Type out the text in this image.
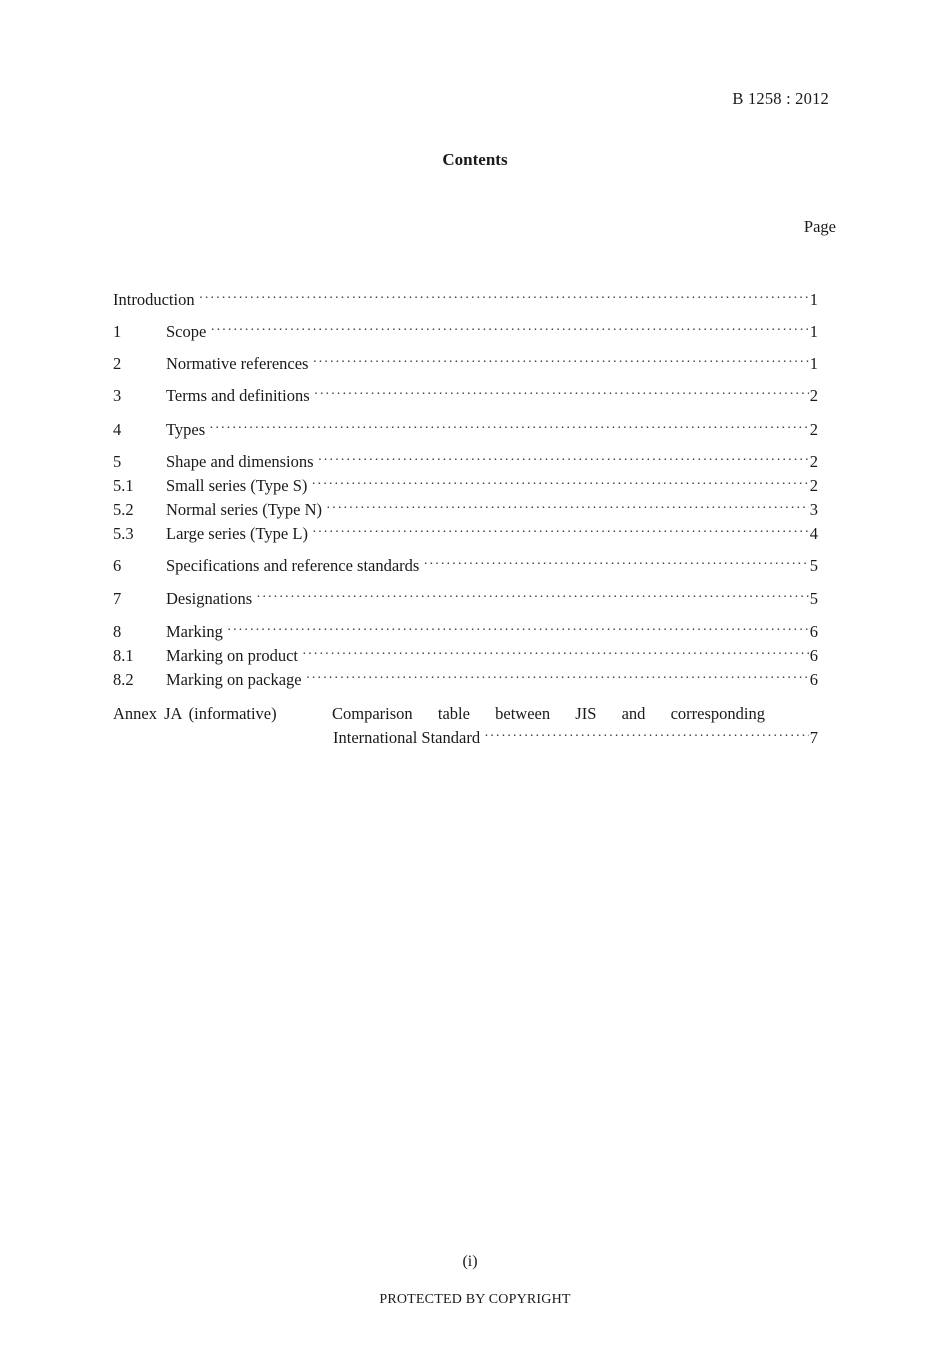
B 1258 : 2012
Contents
Page
Introduction ·····	1
1	Scope ·····	1
2	Normative references ·····	1
3	Terms and definitions ·····	2
4	Types ·····	2
5	Shape and dimensions ·····	2
5.1	Small series (Type S) ·····	2
5.2	Normal series (Type N) ·····	3
5.3	Large series (Type L) ·····	4
6	Specifications and reference standards ·····	5
7	Designations ·····	5
8	Marking ·····	6
8.1	Marking on product ·····	6
8.2	Marking on package ·····	6
Annex JA (informative)	Comparison table between JIS and corresponding
International Standard ·····	7
(i)
PROTECTED BY COPYRIGHT
